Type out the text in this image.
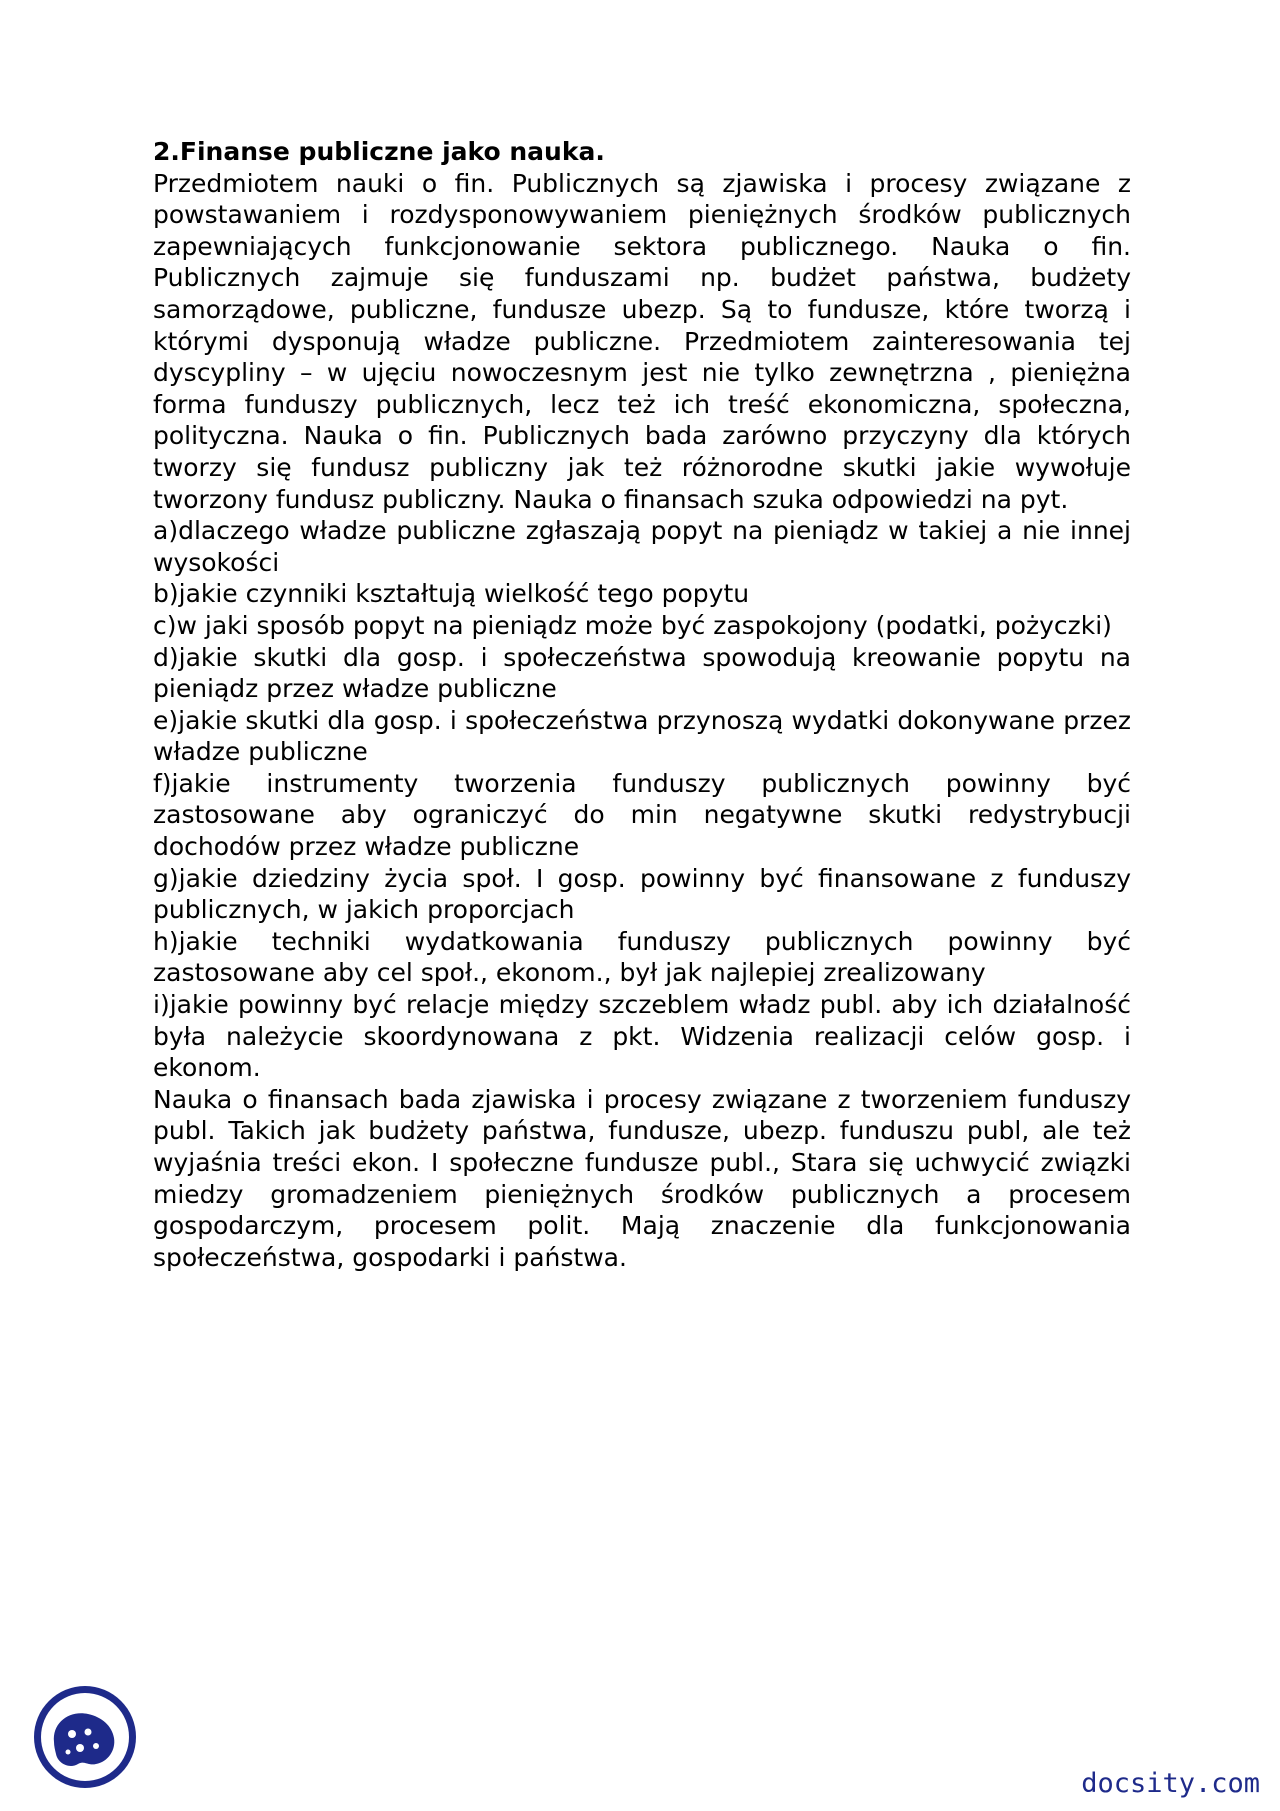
2.Finanse publiczne jako nauka.

Przedmiotem nauki o fin. Publicznych są zjawiska i procesy związane z powstawaniem i rozdysponowywaniem pieniężnych środków publicznych zapewniających funkcjonowanie sektora publicznego. Nauka o fin. Publicznych zajmuje się funduszami np. budżet państwa, budżety samorządowe, publiczne, fundusze ubezp. Są to fundusze, które tworzą i którymi dysponują władze publiczne. Przedmiotem zainteresowania tej dyscypliny – w ujęciu nowoczesnym jest nie tylko zewnętrzna , pieniężna forma funduszy publicznych, lecz też ich treść ekonomiczna, społeczna, polityczna. Nauka o fin. Publicznych bada zarówno przyczyny dla których tworzy się fundusz publiczny jak też różnorodne skutki jakie wywołuje tworzony fundusz publiczny. Nauka o finansach szuka odpowiedzi na pyt.

a)dlaczego władze publiczne zgłaszają popyt na pieniądz w takiej a nie innej wysokości

b)jakie czynniki kształtują wielkość tego popytu

c)w jaki sposób popyt na pieniądz może być zaspokojony (podatki, pożyczki)

d)jakie skutki dla gosp. i społeczeństwa spowodują kreowanie popytu na pieniądz przez władze publiczne

e)jakie skutki dla gosp. i społeczeństwa przynoszą wydatki dokonywane przez władze publiczne

f)jakie instrumenty tworzenia funduszy publicznych powinny być zastosowane aby ograniczyć do min negatywne skutki redystrybucji dochodów przez władze publiczne

g)jakie dziedziny życia społ. I gosp. powinny być finansowane z funduszy publicznych, w jakich proporcjach

h)jakie techniki wydatkowania funduszy publicznych powinny być zastosowane aby cel społ., ekonom., był jak najlepiej zrealizowany

i)jakie powinny być relacje między szczeblem władz publ. aby ich działalność była należycie skoordynowana z pkt. Widzenia realizacji celów gosp. i ekonom.

Nauka o finansach bada zjawiska i procesy związane z tworzeniem funduszy publ. Takich jak budżety państwa, fundusze, ubezp. funduszu publ, ale też wyjaśnia treści ekon. I społeczne fundusze publ., Stara się uchwycić związki miedzy gromadzeniem pieniężnych środków publicznych a procesem gospodarczym, procesem polit. Mają znaczenie dla funkcjonowania społeczeństwa, gospodarki i państwa.

docsity.com
